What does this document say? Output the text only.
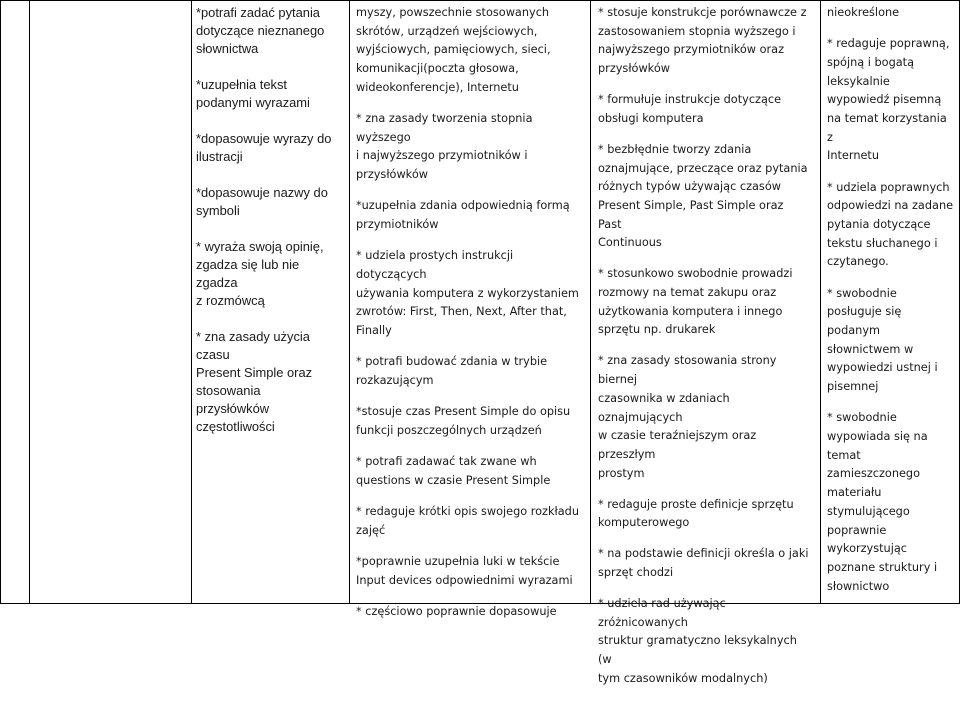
*potrafi zadać pytania
dotyczące nieznanego
słownictwa

*uzupełnia tekst
podanymi wyrazami

*dopasowuje wyrazy do
ilustracji

*dopasowuje nazwy do
symboli

* wyraża swoją opinię,
zgadza się lub nie zgadza
z rozmówcą

* zna zasady użycia czasu
Present Simple oraz
stosowania przysłówków
częstotliwości

myszy, powszechnie stosowanych
skrótów, urządzeń wejściowych,
wyjściowych, pamięciowych, sieci,
komunikacji(poczta głosowa,
wideokonferencje), Internetu

* zna zasady tworzenia stopnia wyższego
i najwyższego przymiotników i
przysłówków

*uzupełnia zdania odpowiednią formą
przymiotników

* udziela prostych instrukcji dotyczących
używania komputera z wykorzystaniem
zwrotów: First, Then, Next, After that,
Finally

* potrafi budować zdania w trybie
rozkazującym

*stosuje czas Present Simple do opisu
funkcji poszczególnych urządzeń

* potrafi zadawać tak zwane wh
questions w czasie Present Simple

* redaguje krótki opis swojego rozkładu
zajęć

*poprawnie uzupełnia luki w tekście
Input devices odpowiednimi wyrazami

* częściowo poprawnie dopasowuje

* stosuje konstrukcje porównawcze z
zastosowaniem stopnia wyższego i
najwyższego przymiotników oraz
przysłówków

* formułuje instrukcje dotyczące
obsługi komputera

* bezbłędnie tworzy zdania
oznajmujące, przeczące oraz pytania
różnych typów używając czasów
Present Simple, Past Simple oraz Past
Continuous

* stosunkowo swobodnie prowadzi
rozmowy na temat zakupu oraz
użytkowania komputera i innego
sprzętu np. drukarek

* zna zasady stosowania strony biernej
czasownika w zdaniach oznajmujących
w czasie teraźniejszym oraz przeszłym
prostym

* redaguje proste definicje sprzętu
komputerowego

* na podstawie definicji określa o jaki
sprzęt chodzi

* udziela rad używając zróżnicowanych
struktur gramatyczno leksykalnych (w
tym czasowników modalnych)

nieokreślone

* redaguje poprawną,
spójną i bogatą
leksykalnie
wypowiedź pisemną
na temat korzystania z
Internetu

* udziela poprawnych
odpowiedzi na zadane
pytania dotyczące
tekstu słuchanego i
czytanego.

* swobodnie
posługuje się
podanym
słownictwem w
wypowiedzi ustnej i
pisemnej

* swobodnie
wypowiada się na
temat
zamieszczonego
materiału
stymulującego
poprawnie
wykorzystując
poznane struktury i
słownictwo
